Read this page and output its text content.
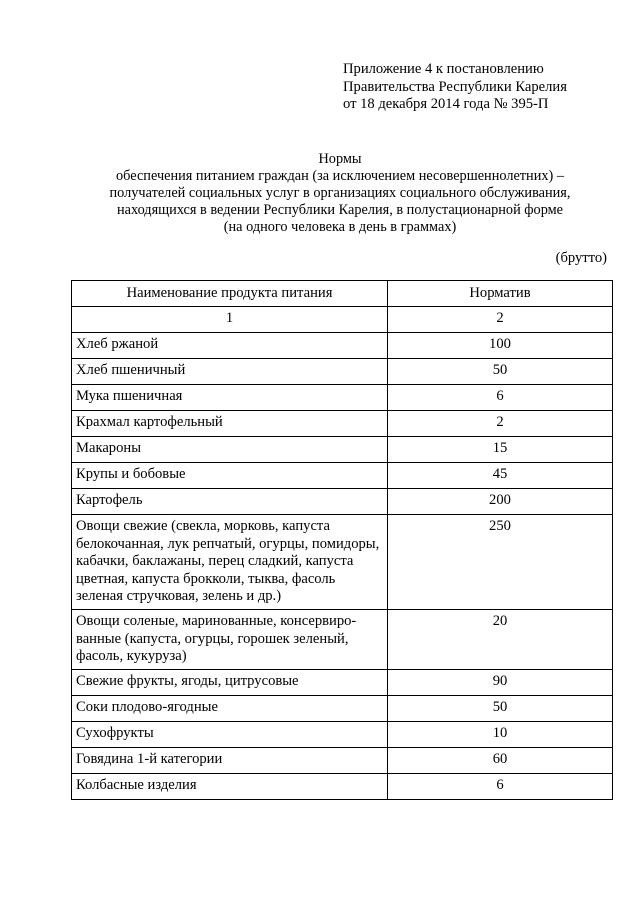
Приложение 4 к постановлению
Правительства Республики Карелия
от 18 декабря 2014 года № 395-П
Нормы
обеспечения питанием граждан (за исключением несовершеннолетних) –
получателей социальных услуг в организациях социального обслуживания,
находящихся в ведении Республики Карелия, в полустационарной форме
(на одного человека в день в граммах)
(брутто)
Наименование продукта питания	Норматив
1	2
Хлеб ржаной	100
Хлеб пшеничный	50
Мука пшеничная	6
Крахмал картофельный	2
Макароны	15
Крупы и бобовые	45
Картофель	200
Овощи свежие (свекла, морковь, капуста белокочанная, лук репчатый, огурцы, помидоры, кабачки, баклажаны, перец сладкий, капуста цветная, капуста брокколи, тыква, фасоль зеленая стручковая, зелень и др.)	250
Овощи соленые, маринованные, консервиро-ванные (капуста, огурцы, горошек зеленый, фасоль, кукуруза)	20
Свежие фрукты, ягоды, цитрусовые	90
Соки плодово-ягодные	50
Сухофрукты	10
Говядина 1-й категории	60
Колбасные изделия	6
